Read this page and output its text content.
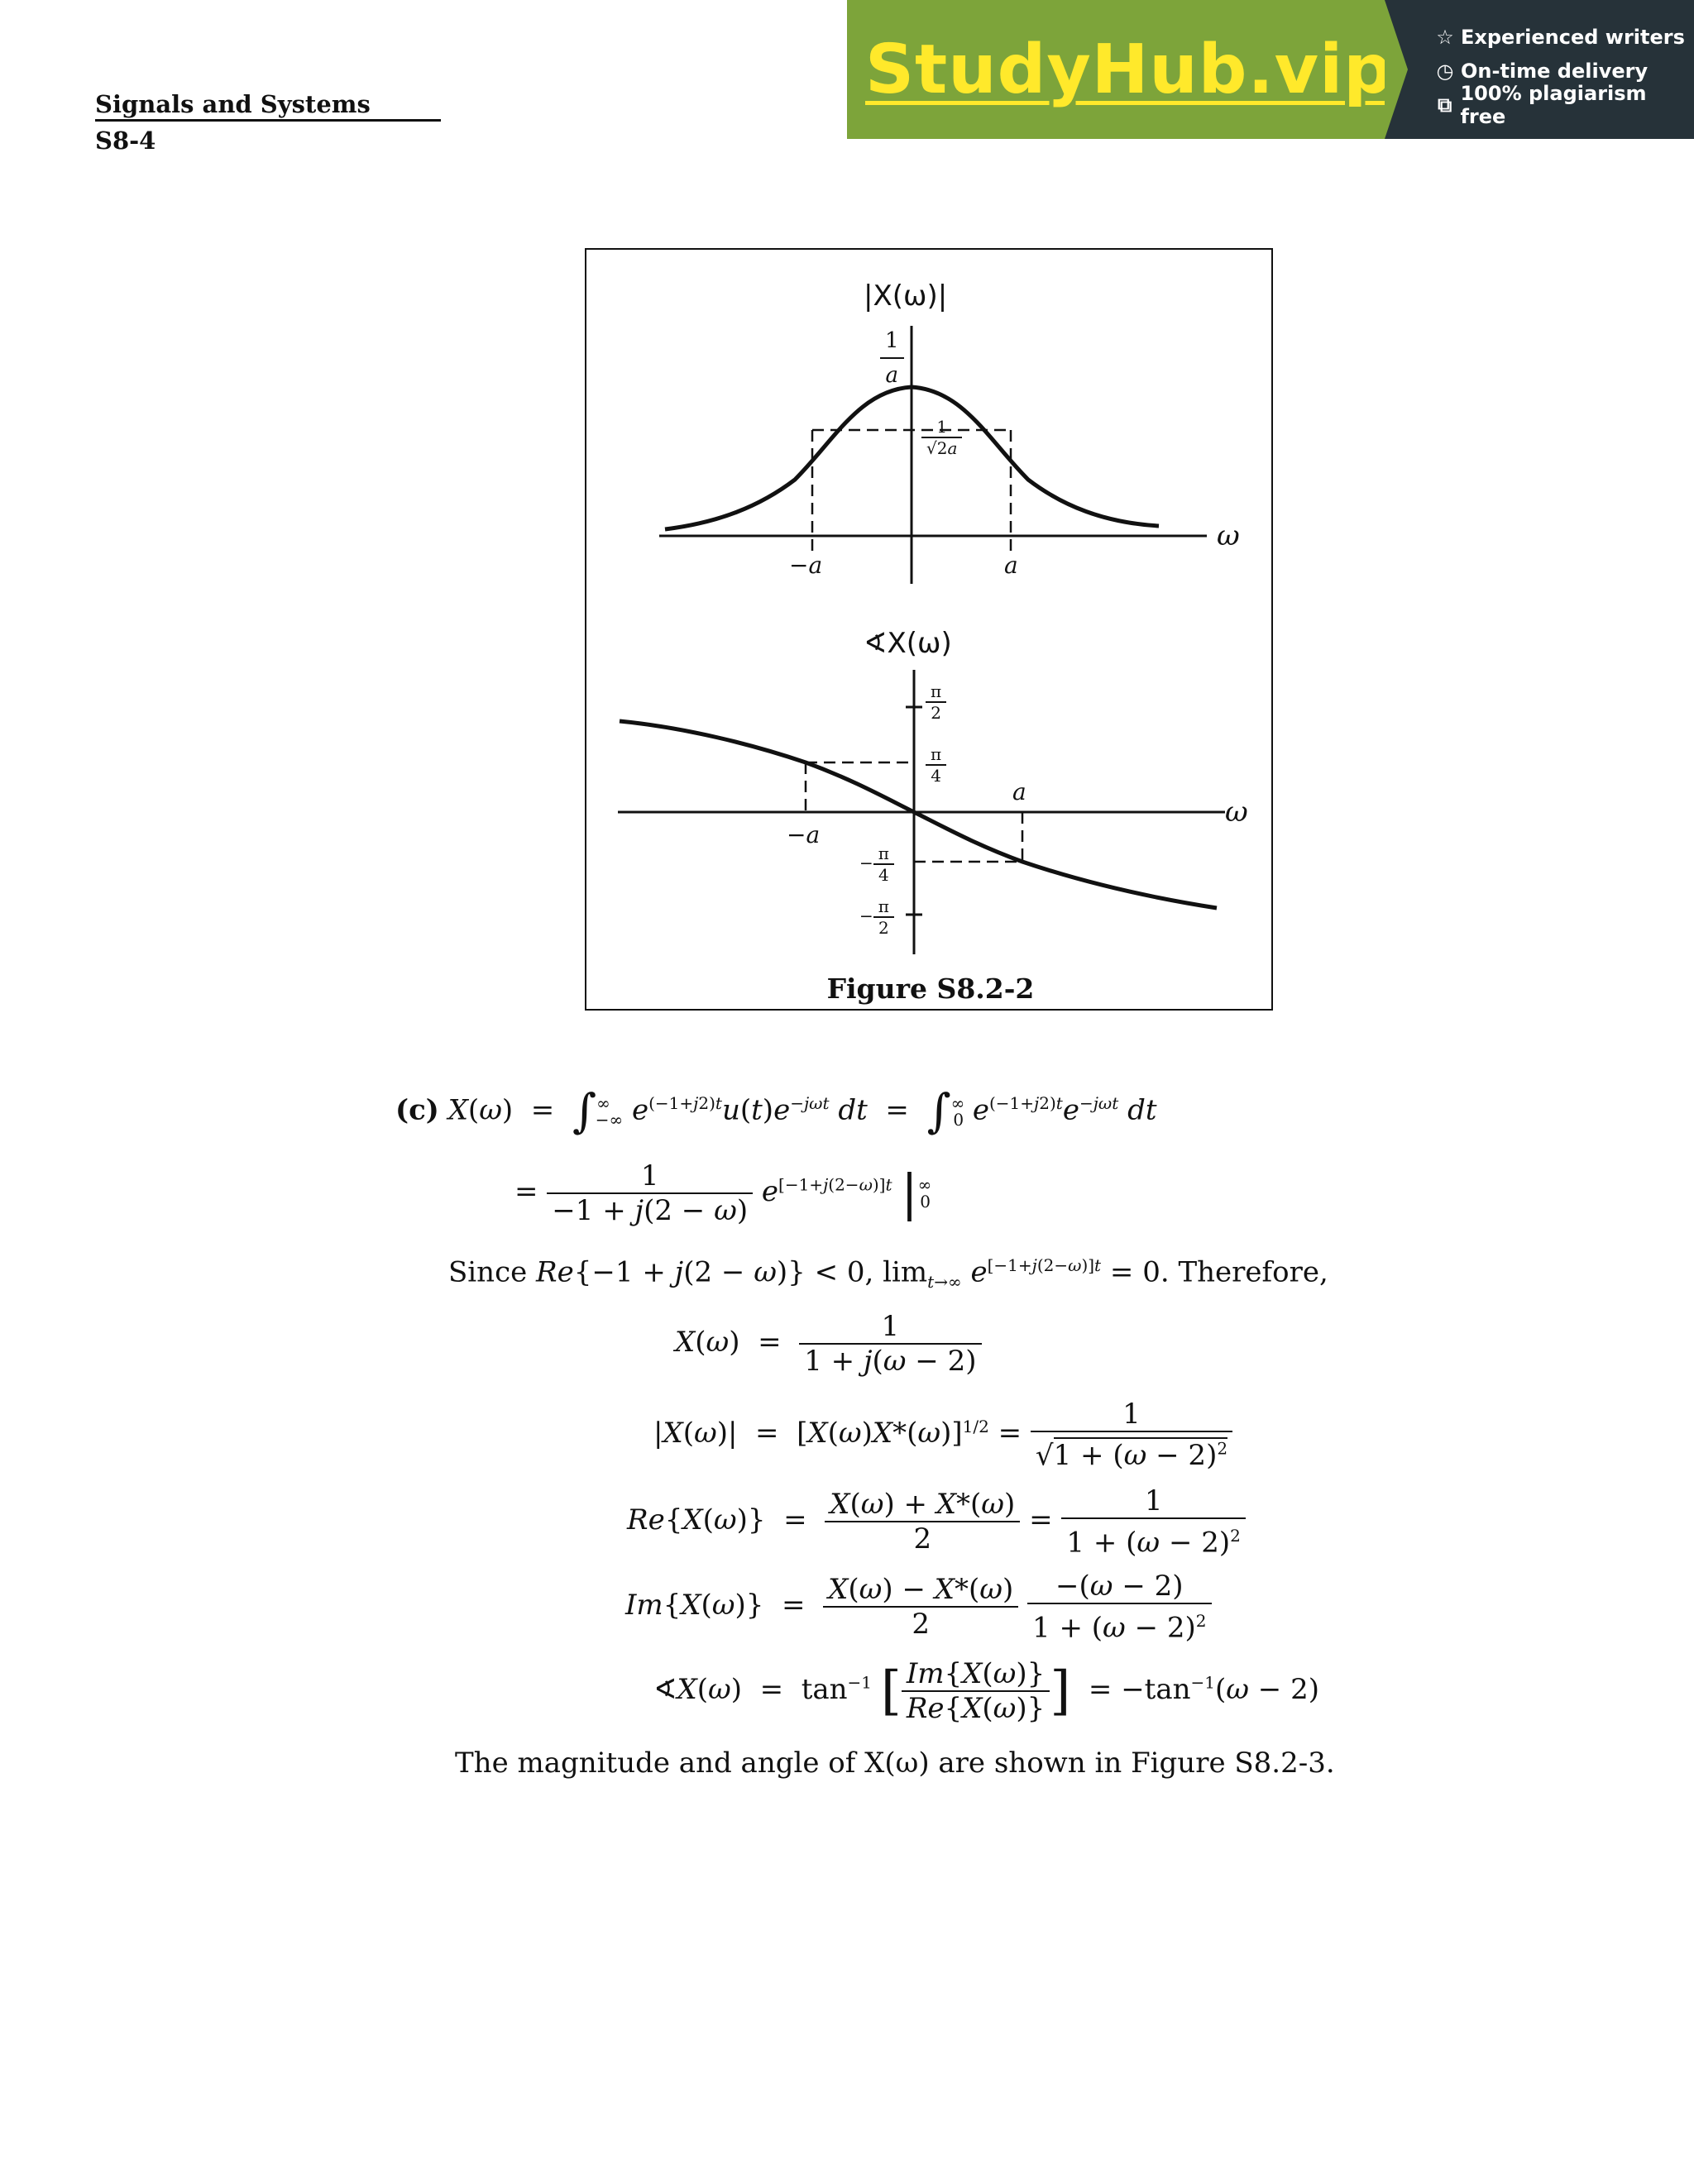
Signals and Systems
S8-4
StudyHub.vip ☆ Experienced writers
◷ On-time delivery
⧉ 100% plagiarism free
|X(ω)|
$\frac{1}{a}$
$\frac{1}{√2a}$
ω
−a	a
∢X(ω)
$\frac{\pi}{2}$
$\frac{\pi}{4}$
− $\frac{\pi}{4}$
− $\frac{\pi}{2}$
a
−a
ω
Figure S8.2-2
(c) $X(\omega) = \int^\infty_{-\infty}$ $e^{(-1+j2)t}u(t)e^{-j\omega t}$ dt  =  $\int^\infty_0$ $e^{(-1+j2)t}e^{-j\omega t}$ dt
= $\frac{1}{-1 + j(2 - \omega)} e^{[-1+j(2-\omega)]t}$ $|^\infty_0$
Since Re{−1 + j(2 − ω)} < 0, $\lim_{t\to\infty} e^{[-1+j(2-\omega)]t} = 0$. Therefore,
$X(\omega) = \frac{1}{1 + j(\omega - 2)}$
$|X(\omega)| = [X(\omega)X*(\omega)]^{1/2} = \frac{1}{√1 + (\omega - 2)^2}$
$Re\{X(\omega)\} = \frac{X(\omega) + X*(\omega)}{2} = \frac{1}{1 + (\omega - 2)^2}$
$Im\{X(\omega)\} = \frac{X(\omega) - X*(\omega)}{2}$
$\frac{-(\omega - 2)}{1 + (\omega - 2)^2}$
∢X(ω)  =  $\tan^{-1}$ [ $\frac{Im\{X(\omega)\}}{Re\{X(\omega)\}}$ ]  = $-\tan^{-1}(\omega - 2)$
The magnitude and angle of X(ω) are shown in Figure S8.2-3.
